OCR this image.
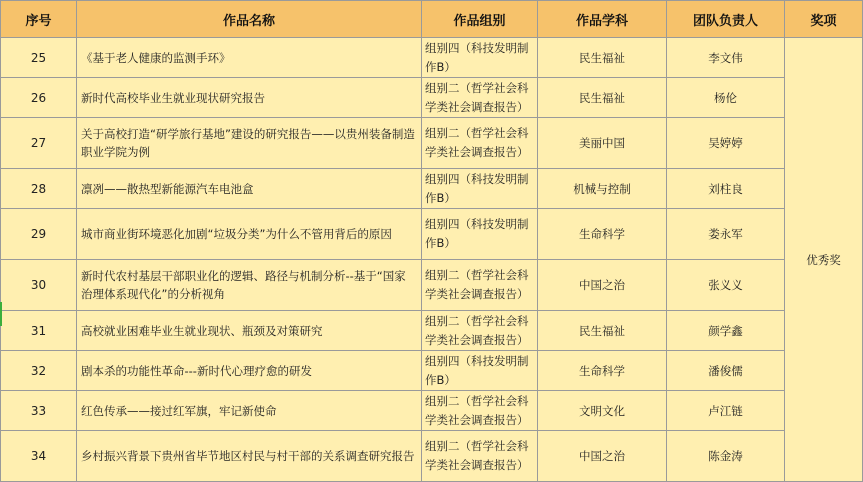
序号	作品名称	作品组别	作品学科	团队负责人	奖项
25	《基于老人健康的监测手环》	组别四（科技发明制作B）	民生福祉	李文伟	优秀奖
26	新时代高校毕业生就业现状研究报告	组别二（哲学社会科学类社会调查报告）	民生福祉	杨伦	
27	关于高校打造“研学旅行基地”建设的研究报告——以贵州装备制造职业学院为例	组别二（哲学社会科学类社会调查报告）	美丽中国	吴婷婷	
28	凛冽——散热型新能源汽车电池盒	组别四（科技发明制作B）	机械与控制	刘柱良	
29	城市商业街环境恶化加剧“垃圾分类”为什么不管用背后的原因	组别四（科技发明制作B）	生命科学	娄永军	
30	新时代农村基层干部职业化的逻辑、路径与机制分析--基于“国家治理体系现代化”的分析视角	组别二（哲学社会科学类社会调查报告）	中国之治	张义义	
31	高校就业困难毕业生就业现状、瓶颈及对策研究	组别二（哲学社会科学类社会调查报告）	民生福祉	颜学鑫	
32	剧本杀的功能性革命---新时代心理疗愈的研发	组别四（科技发明制作B）	生命科学	潘俊儒	
33	红色传承——接过红军旗，牢记新使命	组别二（哲学社会科学类社会调查报告）	文明文化	卢江链	
34	乡村振兴背景下贵州省毕节地区村民与村干部的关系调查研究报告	组别二（哲学社会科学类社会调查报告）	中国之治	陈金涛	
